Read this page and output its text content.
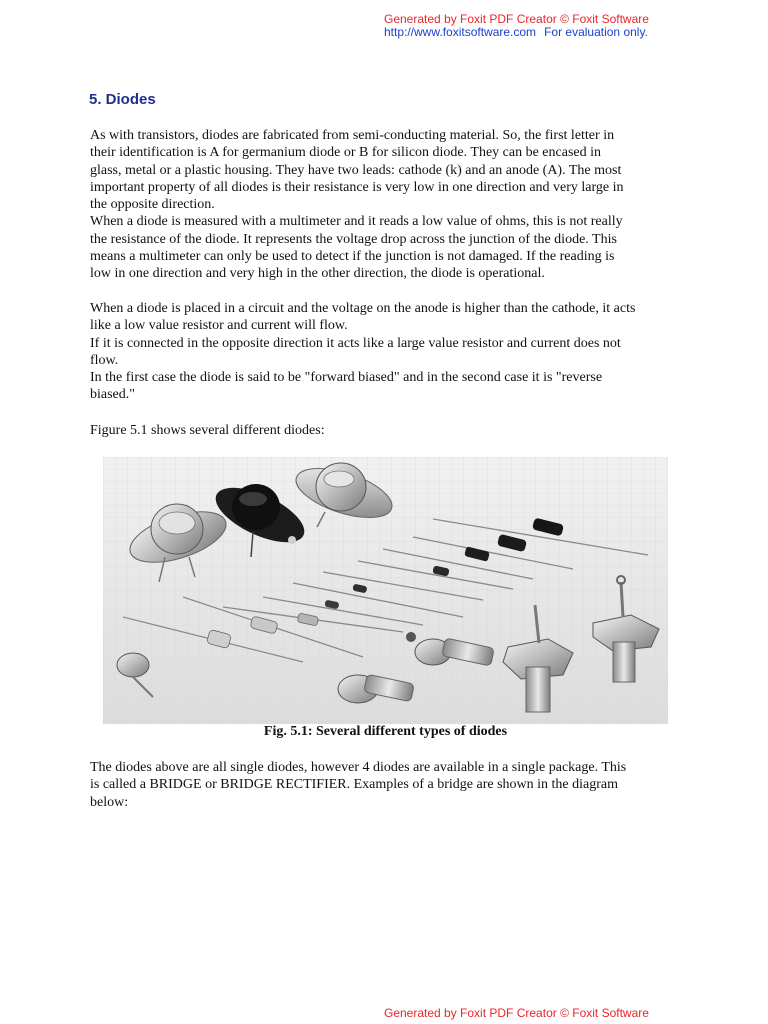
Generated by Foxit PDF Creator © Foxit Software
http://www.foxitsoftware.com For evaluation only.
5. Diodes

As with transistors, diodes are fabricated from semi-conducting material. So, the first letter in
their identification is A for germanium diode or B for silicon diode. They can be encased in
glass, metal or a plastic housing. They have two leads: cathode (k) and an anode (A). The most
important property of all diodes is their resistance is very low in one direction and very large in
the opposite direction.
When a diode is measured with a multimeter and it reads a low value of ohms, this is not really
the resistance of the diode. It represents the voltage drop across the junction of the diode. This
means a multimeter can only be used to detect if the junction is not damaged. If the reading is
low in one direction and very high in the other direction, the diode is operational.

When a diode is placed in a circuit and the voltage on the anode is higher than the cathode, it acts
like a low value resistor and current will flow.
If it is connected in the opposite direction it acts like a large value resistor and current does not
flow.
In the first case the diode is said to be "forward biased" and in the second case it is "reverse
biased."

Figure 5.1 shows several different diodes:

Fig. 5.1: Several different types of diodes

The diodes above are all single diodes, however 4 diodes are available in a single package. This
is called a BRIDGE or BRIDGE RECTIFIER. Examples of a bridge are shown in the diagram
below:

Generated by Foxit PDF Creator © Foxit Software
